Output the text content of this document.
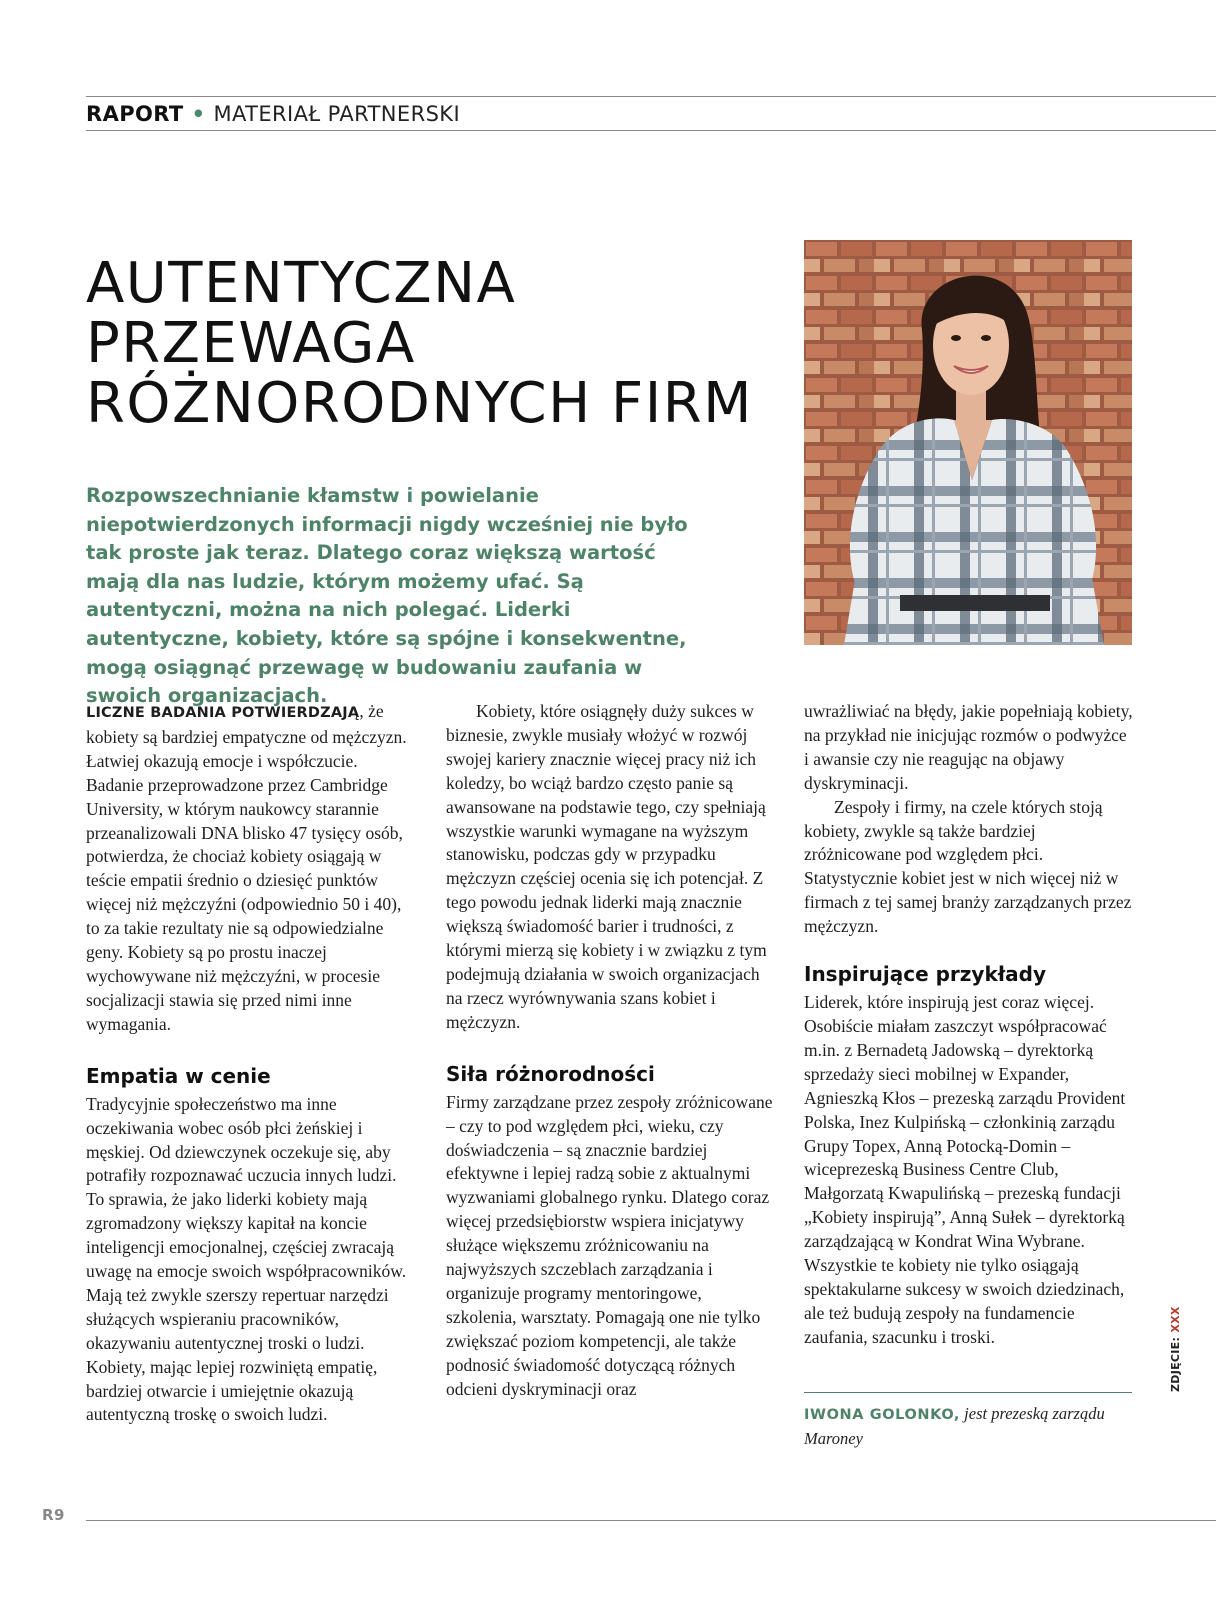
RAPORT • MATERIAŁ PARTNERSKI
AUTENTYCZNA
PRZEWAGA
RÓŻNORODNYCH FIRM

Rozpowszechnianie kłamstw i powielanie niepotwierdzonych informacji nigdy wcześniej nie było tak proste jak teraz. Dlatego coraz większą wartość mają dla nas ludzie, którym możemy ufać. Są autentyczni, można na nich polegać. Liderki autentyczne, kobiety, które są spójne i konsekwentne, mogą osiągnąć przewagę w budowaniu zaufania w swoich organizacjach.

LICZNE BADANIA POTWIERDZAJĄ, że kobiety są bardziej empatyczne od mężczyzn. Łatwiej okazują emocje i współczucie. Badanie przeprowadzone przez Cambridge University, w którym naukowcy starannie przeanalizowali DNA blisko 47 tysięcy osób, potwierdza, że chociaż kobiety osiągają w teście empatii średnio o dziesięć punktów więcej niż mężczyźni (odpowiednio 50 i 40), to za takie rezultaty nie są odpowiedzialne geny. Kobiety są po prostu inaczej wychowywane niż mężczyźni, w procesie socjalizacji stawia się przed nimi inne wymagania.

Empatia w cenie

Tradycyjnie społeczeństwo ma inne oczekiwania wobec osób płci żeńskiej i męskiej. Od dziewczynek oczekuje się, aby potrafiły rozpoznawać uczucia innych ludzi. To sprawia, że jako liderki kobiety mają zgromadzony większy kapitał na koncie inteligencji emocjonalnej, częściej zwracają uwagę na emocje swoich współpracowników. Mają też zwykle szerszy repertuar narzędzi służących wspieraniu pracowników, okazywaniu autentycznej troski o ludzi. Kobiety, mając lepiej rozwiniętą empatię, bardziej otwarcie i umiejętnie okazują autentyczną troskę o swoich ludzi.

Kobiety, które osiągnęły duży sukces w biznesie, zwykle musiały włożyć w rozwój swojej kariery znacznie więcej pracy niż ich koledzy, bo wciąż bardzo często panie są awansowane na podstawie tego, czy spełniają wszystkie warunki wymagane na wyższym stanowisku, podczas gdy w przypadku mężczyzn częściej ocenia się ich potencjał. Z tego powodu jednak liderki mają znacznie większą świadomość barier i trudności, z którymi mierzą się kobiety i w związku z tym podejmują działania w swoich organizacjach na rzecz wyrównywania szans kobiet i mężczyzn.

Siła różnorodności

Firmy zarządzane przez zespoły zróżnicowane – czy to pod względem płci, wieku, czy doświadczenia – są znacznie bardziej efektywne i lepiej radzą sobie z aktualnymi wyzwaniami globalnego rynku. Dlatego coraz więcej przedsiębiorstw wspiera inicjatywy służące większemu zróżnicowaniu na najwyższych szczeblach zarządzania i organizuje programy mentoringowe, szkolenia, warsztaty. Pomagają one nie tylko zwiększać poziom kompetencji, ale także podnosić świadomość dotyczącą różnych odcieni dyskryminacji oraz

uwrażliwiać na błędy, jakie popełniają kobiety, na przykład nie inicjując rozmów o podwyżce i awansie czy nie reagując na objawy dyskryminacji.

Zespoły i firmy, na czele których stoją kobiety, zwykle są także bardziej zróżnicowane pod względem płci. Statystycznie kobiet jest w nich więcej niż w firmach z tej samej branży zarządzanych przez mężczyzn.

Inspirujące przykłady

Liderek, które inspirują jest coraz więcej. Osobiście miałam zaszczyt współpracować m.in. z Bernadetą Jadowską – dyrektorką sprzedaży sieci mobilnej w Expander, Agnieszką Kłos – prezeską zarządu Provident Polska, Inez Kulpińską – członkinią zarządu Grupy Topex, Anną Potocką-Domin – wiceprezeską Business Centre Club, Małgorzatą Kwapulińską – prezeską fundacji „Kobiety inspirują”, Anną Sułek – dyrektorką zarządzającą w Kondrat Wina Wybrane. Wszystkie te kobiety nie tylko osiągają spektakularne sukcesy w swoich dziedzinach, ale też budują zespoły na fundamencie zaufania, szacunku i troski.

IWONA GOLONKO, jest prezeską zarządu Maroney
ZDJĘCIE: XXX
R9
